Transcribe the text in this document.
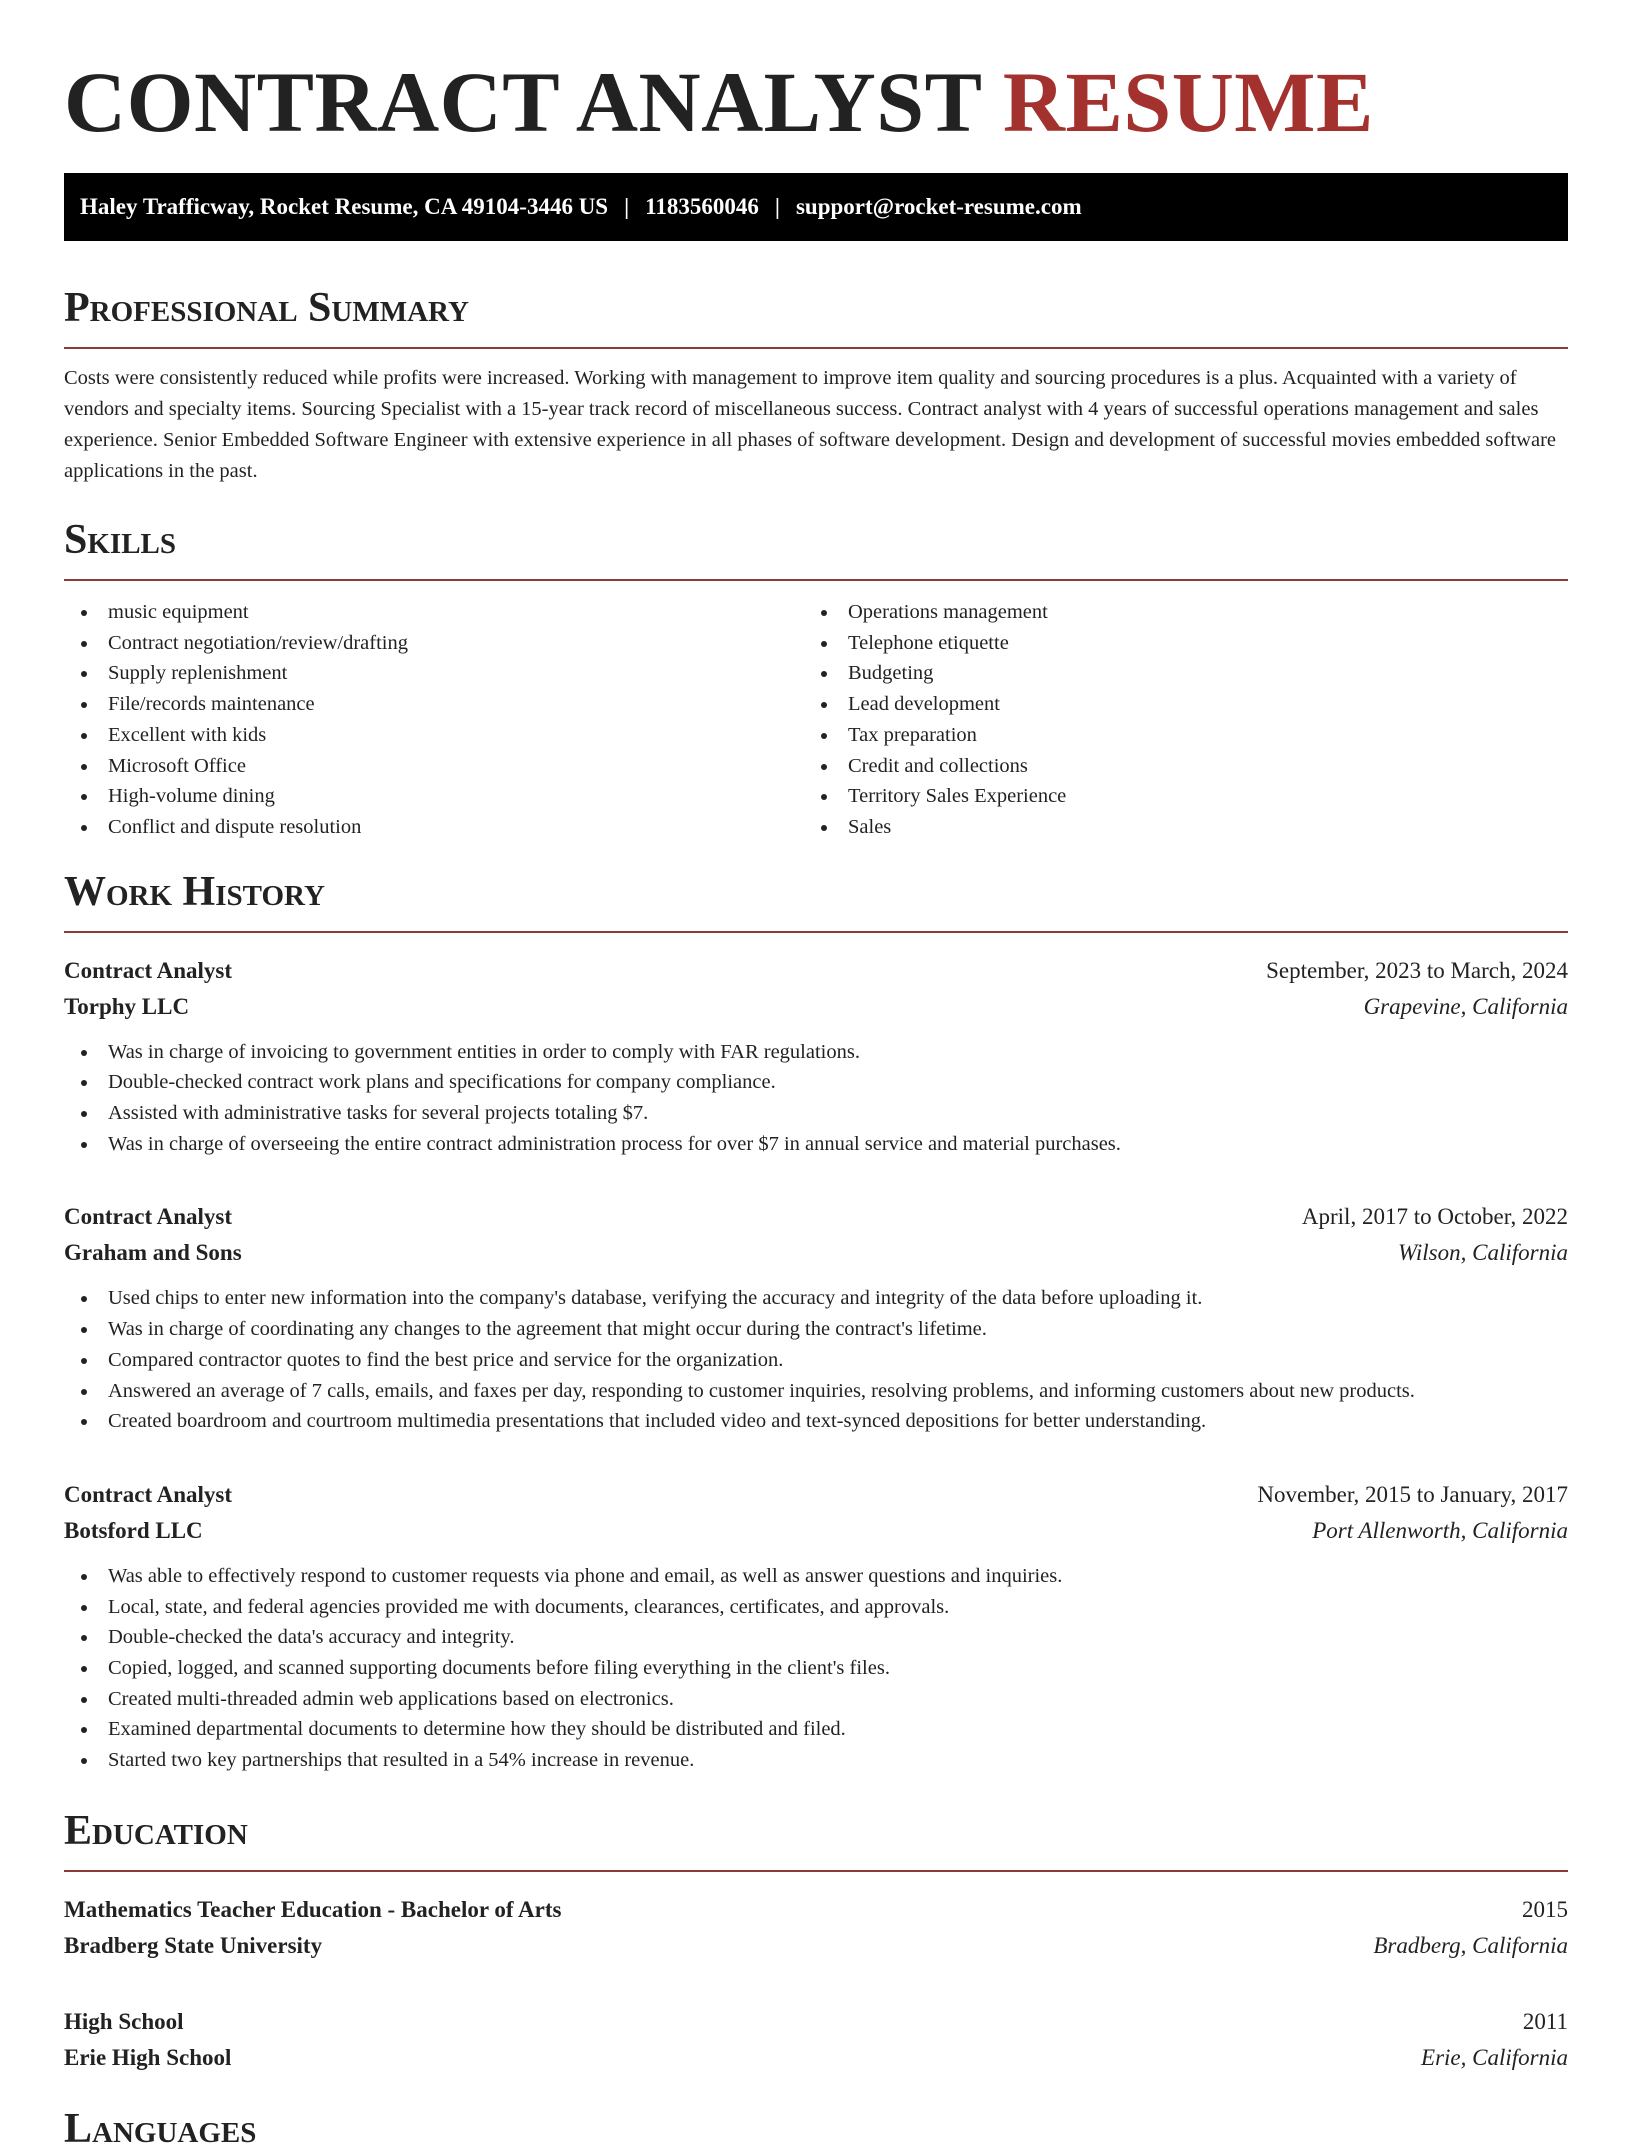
CONTRACT ANALYST RESUME
Haley Trafficway, Rocket Resume, CA 49104-3446 US | 1183560046 | support@rocket-resume.com
Professional Summary

Costs were consistently reduced while profits were increased. Working with management to improve item quality and sourcing procedures is a plus. Acquainted with a variety of vendors and specialty items. Sourcing Specialist with a 15-year track record of miscellaneous success. Contract analyst with 4 years of successful operations management and sales experience. Senior Embedded Software Engineer with extensive experience in all phases of software development. Design and development of successful movies embedded software applications in the past.

Skills
music equipment
Contract negotiation/review/drafting
Supply replenishment
File/records maintenance
Excellent with kids
Microsoft Office
High-volume dining
Conflict and dispute resolution
Operations management
Telephone etiquette
Budgeting
Lead development
Tax preparation
Credit and collections
Territory Sales Experience
Sales
Work History
Contract Analyst	September, 2023 to March, 2024
Torphy LLC	Grapevine, California
Was in charge of invoicing to government entities in order to comply with FAR regulations.
Double-checked contract work plans and specifications for company compliance.
Assisted with administrative tasks for several projects totaling $7.
Was in charge of overseeing the entire contract administration process for over $7 in annual service and material purchases.
Contract Analyst	April, 2017 to October, 2022
Graham and Sons	Wilson, California
Used chips to enter new information into the company's database, verifying the accuracy and integrity of the data before uploading it.
Was in charge of coordinating any changes to the agreement that might occur during the contract's lifetime.
Compared contractor quotes to find the best price and service for the organization.
Answered an average of 7 calls, emails, and faxes per day, responding to customer inquiries, resolving problems, and informing customers about new products.
Created boardroom and courtroom multimedia presentations that included video and text-synced depositions for better understanding.
Contract Analyst	November, 2015 to January, 2017
Botsford LLC	Port Allenworth, California
Was able to effectively respond to customer requests via phone and email, as well as answer questions and inquiries.
Local, state, and federal agencies provided me with documents, clearances, certificates, and approvals.
Double-checked the data's accuracy and integrity.
Copied, logged, and scanned supporting documents before filing everything in the client's files.
Created multi-threaded admin web applications based on electronics.
Examined departmental documents to determine how they should be distributed and filed.
Started two key partnerships that resulted in a 54% increase in revenue.
Education
Mathematics Teacher Education - Bachelor of Arts	2015
Bradberg State University	Bradberg, California
High School	2011
Erie High School	Erie, California
Languages
